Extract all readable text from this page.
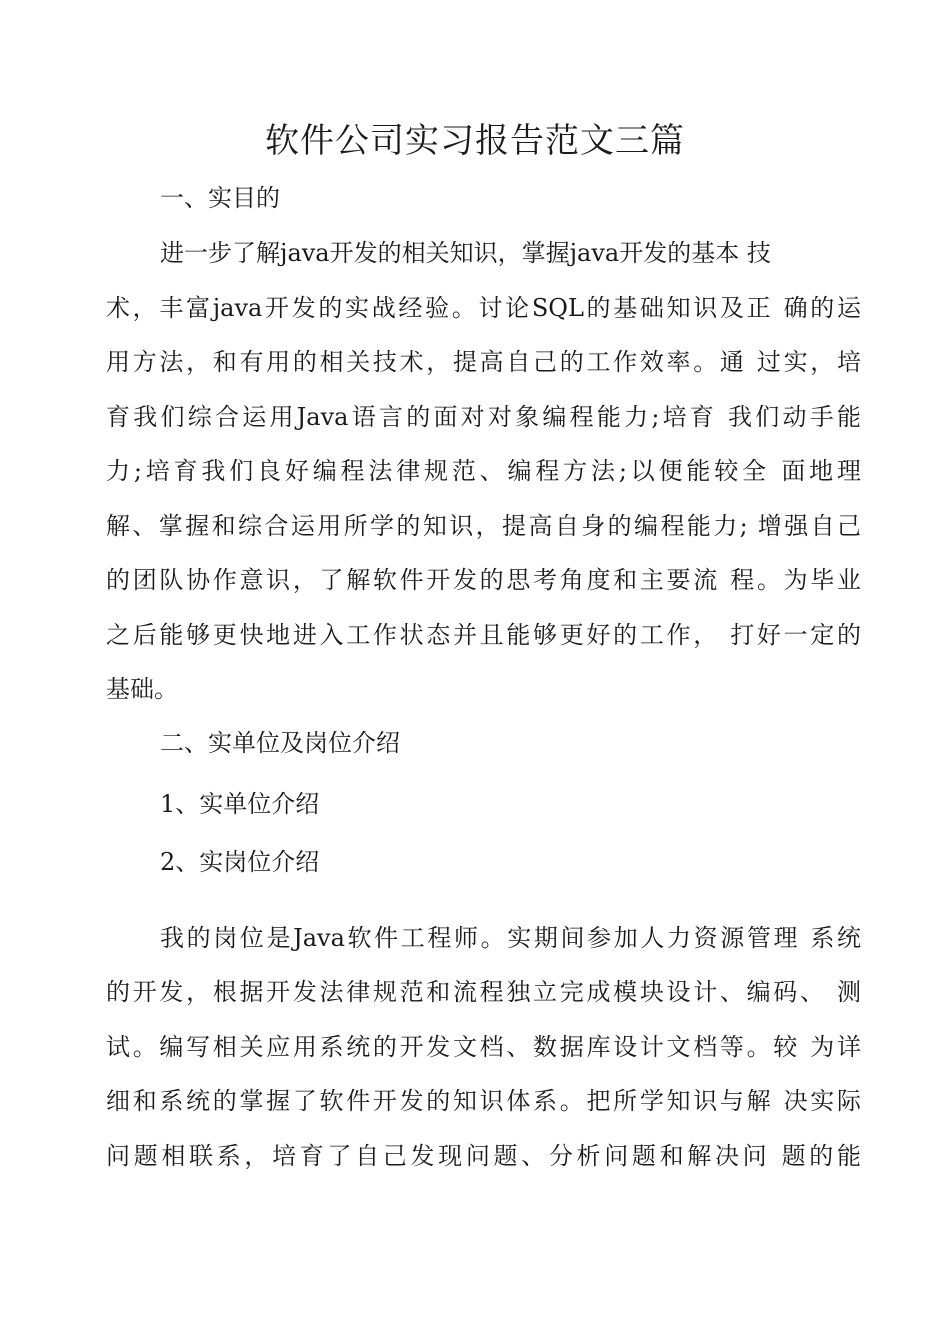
软件公司实习报告范文三篇
一、实目的
进一步了解java开发的相关知识，掌握java开发的基本 技
术，丰富java开发的实战经验。讨论SQL的基础知识及正 确的运
用方法，和有用的相关技术，提高自己的工作效率。通 过实，培
育我们综合运用Java语言的面对对象编程能力;培育 我们动手能
力;培育我们良好编程法律规范、编程方法;以便能较全 面地理
解、掌握和综合运用所学的知识，提高自身的编程能力; 增强自己
的团队协作意识，了解软件开发的思考角度和主要流 程。为毕业
之后能够更快地进入工作状态并且能够更好的工作， 打好一定的
基础。
二、实单位及岗位介绍
1、实单位介绍
2、实岗位介绍
我的岗位是Java软件工程师。实期间参加人力资源管理 系统
的开发，根据开发法律规范和流程独立完成模块设计、编码、 测
试。编写相关应用系统的开发文档、数据库设计文档等。较 为详
细和系统的掌握了软件开发的知识体系。把所学知识与解 决实际
问题相联系，培育了自己发现问题、分析问题和解决问 题的能
